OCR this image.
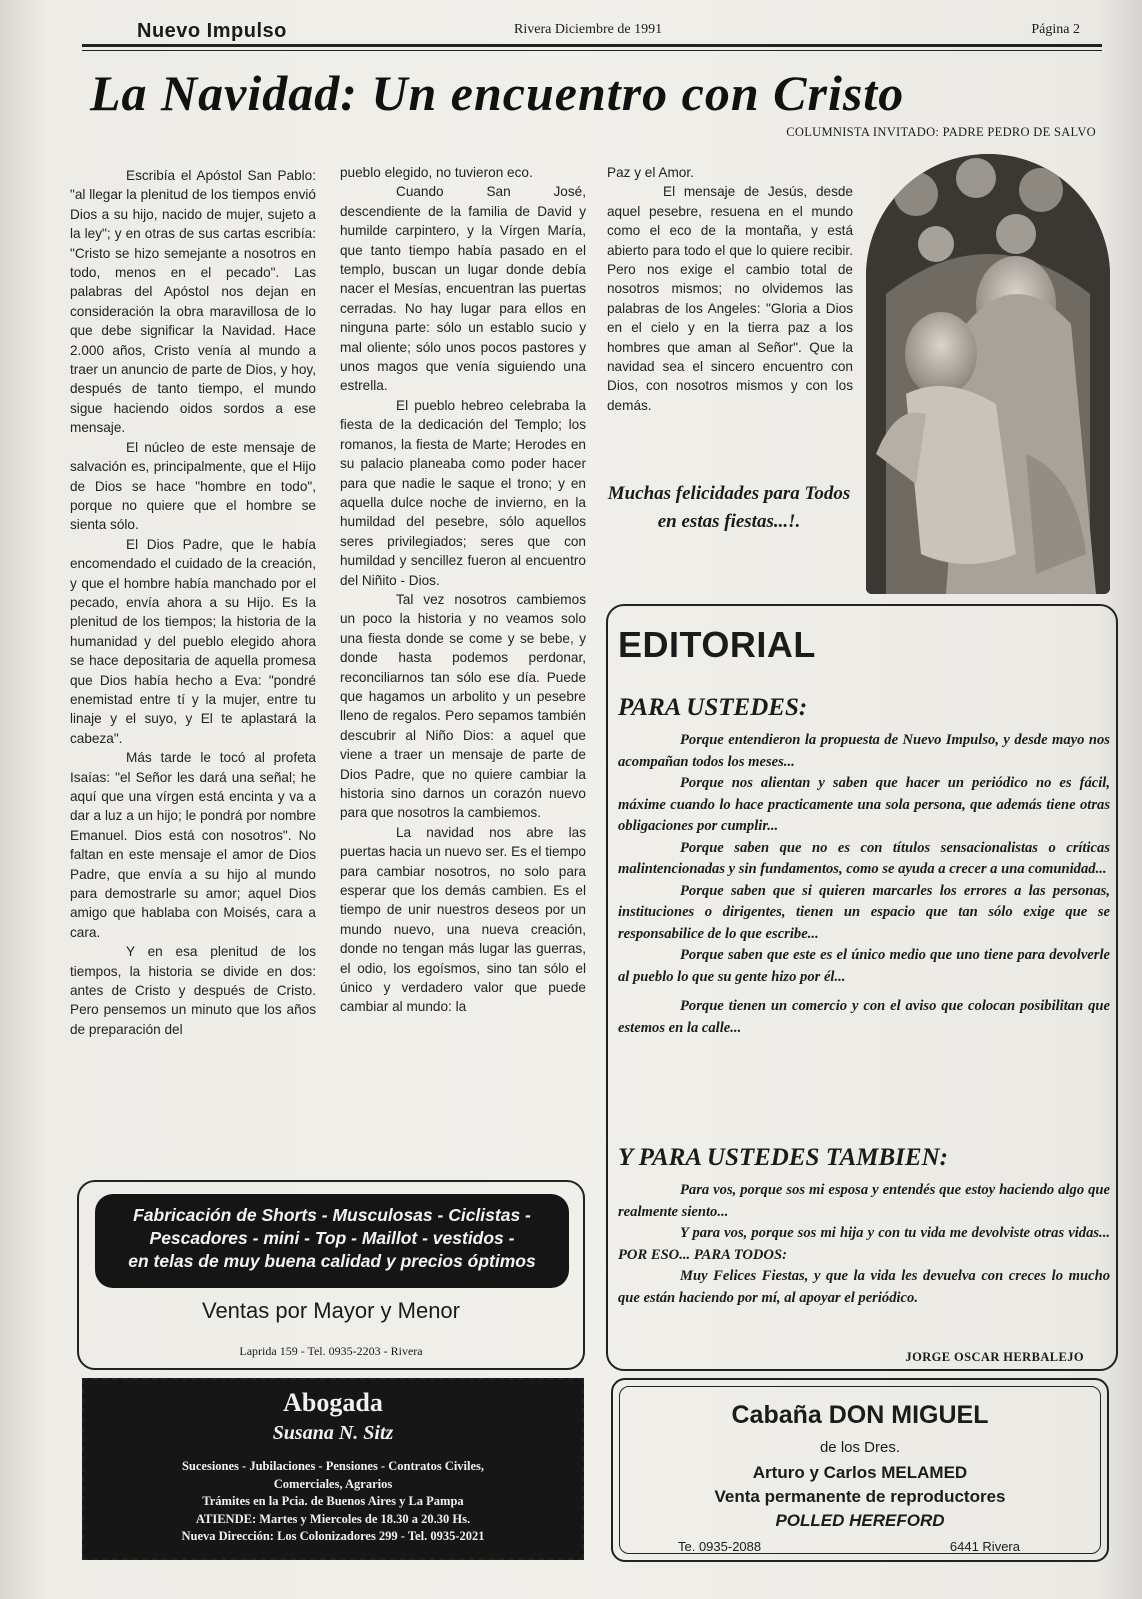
Nuevo Impulso	Rivera Diciembre de 1991	Página 2
La Navidad: Un encuentro con Cristo
COLUMNISTA INVITADO: PADRE PEDRO DE SALVO

Escribía el Apóstol San Pablo: "al llegar la plenitud de los tiempos envió Dios a su hijo, nacido de mujer, sujeto a la ley"; y en otras de sus cartas escribía: "Cristo se hizo semejante a nosotros en todo, menos en el pecado". Las palabras del Apóstol nos dejan en consideración la obra maravillosa de lo que debe significar la Navidad. Hace 2.000 años, Cristo venía al mundo a traer un anuncio de parte de Dios, y hoy, después de tanto tiempo, el mundo sigue haciendo oidos sordos a ese mensaje.

El núcleo de este mensaje de salvación es, principalmente, que el Hijo de Dios se hace "hombre en todo", porque no quiere que el hombre se sienta sólo.

El Dios Padre, que le había encomendado el cuidado de la creación, y que el hombre había manchado por el pecado, envía ahora a su Hijo. Es la plenitud de los tiempos; la historia de la humanidad y del pueblo elegido ahora se hace depositaria de aquella promesa que Dios había hecho a Eva: "pondré enemistad entre tí y la mujer, entre tu linaje y el suyo, y El te aplastará la cabeza".

Más tarde le tocó al profeta Isaías: "el Señor les dará una señal; he aquí que una vírgen está encinta y va a dar a luz a un hijo; le pondrá por nombre Emanuel. Dios está con nosotros". No faltan en este mensaje el amor de Dios Padre, que envía a su hijo al mundo para demostrarle su amor; aquel Dios amigo que hablaba con Moisés, cara a cara.

Y en esa plenitud de los tiempos, la historia se divide en dos: antes de Cristo y después de Cristo. Pero pensemos un minuto que los años de preparación del

pueblo elegido, no tuvieron eco.

Cuando San José, descendiente de la familia de David y humilde carpintero, y la Vírgen María, que tanto tiempo había pasado en el templo, buscan un lugar donde debía nacer el Mesías, encuentran las puertas cerradas. No hay lugar para ellos en ninguna parte: sólo un establo sucio y mal oliente; sólo unos pocos pastores y unos magos que venía siguiendo una estrella.

El pueblo hebreo celebraba la fiesta de la dedicación del Templo; los romanos, la fiesta de Marte; Herodes en su palacio planeaba como poder hacer para que nadie le saque el trono; y en aquella dulce noche de invierno, en la humildad del pesebre, sólo aquellos seres privilegiados; seres que con humildad y sencillez fueron al encuentro del Niñito - Dios.

Tal vez nosotros cambiemos un poco la historia y no veamos solo una fiesta donde se come y se bebe, y donde hasta podemos perdonar, reconciliarnos tan sólo ese día. Puede que hagamos un arbolito y un pesebre lleno de regalos. Pero sepamos también descubrir al Niño Dios: a aquel que viene a traer un mensaje de parte de Dios Padre, que no quiere cambiar la historia sino darnos un corazón nuevo para que nosotros la cambiemos.

La navidad nos abre las puertas hacia un nuevo ser. Es el tiempo para cambiar nosotros, no solo para esperar que los demás cambien. Es el tiempo de unir nuestros deseos por un mundo nuevo, una nueva creación, donde no tengan más lugar las guerras, el odio, los egoísmos, sino tan sólo el único y verdadero valor que puede cambiar al mundo: la

Paz y el Amor.

El mensaje de Jesús, desde aquel pesebre, resuena en el mundo como el eco de la montaña, y está abierto para todo el que lo quiere recibir. Pero nos exige el cambio total de nosotros mismos; no olvidemos las palabras de los Angeles: "Gloria a Dios en el cielo y en la tierra paz a los hombres que aman al Señor". Que la navidad sea el sincero encuentro con Dios, con nosotros mismos y con los demás.

Muchas felicidades para Todos en estas fiestas...!.
EDITORIAL
PARA USTEDES:

Porque entendieron la propuesta de Nuevo Impulso, y desde mayo nos acompañan todos los meses...

Porque nos alientan y saben que hacer un periódico no es fácil, máxime cuando lo hace practicamente una sola persona, que además tiene otras obligaciones por cumplir...

Porque saben que no es con títulos sensacionalistas o críticas malintencionadas y sin fundamentos, como se ayuda a crecer a una comunidad...

Porque saben que si quieren marcarles los errores a las personas, instituciones o dirigentes, tienen un espacio que tan sólo exige que se responsabilice de lo que escribe...

Porque saben que este es el único medio que uno tiene para devolverle al pueblo lo que su gente hizo por él...

Porque tienen un comercio y con el aviso que colocan posibilitan que estemos en la calle...

Y PARA USTEDES TAMBIEN:

Para vos, porque sos mi esposa y entendés que estoy haciendo algo que realmente siento...

Y para vos, porque sos mi hija y con tu vida me devolviste otras vidas... POR ESO... PARA TODOS:

Muy Felices Fiestas, y que la vida les devuelva con creces lo mucho que están haciendo por mí, al apoyar el periódico.

JORGE OSCAR HERBALEJO
Fabricación de Shorts - Musculosas - Ciclistas -
Pescadores - mini - Top - Maillot - vestidos -
en telas de muy buena calidad y precios óptimos
Ventas por Mayor y Menor
Laprida 159 - Tel. 0935-2203 - Rivera
Abogada
Susana N. Sitz
Sucesiones - Jubilaciones - Pensiones - Contratos Civiles,
Comerciales, Agrarios
Trámites en la Pcia. de Buenos Aires y La Pampa
ATIENDE: Martes y Miercoles de 18.30 a 20.30 Hs.
Nueva Dirección: Los Colonizadores 299 - Tel. 0935-2021
Cabaña DON MIGUEL
de los Dres.
Arturo y Carlos MELAMED
Venta permanente de reproductores
POLLED HEREFORD
Te. 0935-2088	6441 Rivera
